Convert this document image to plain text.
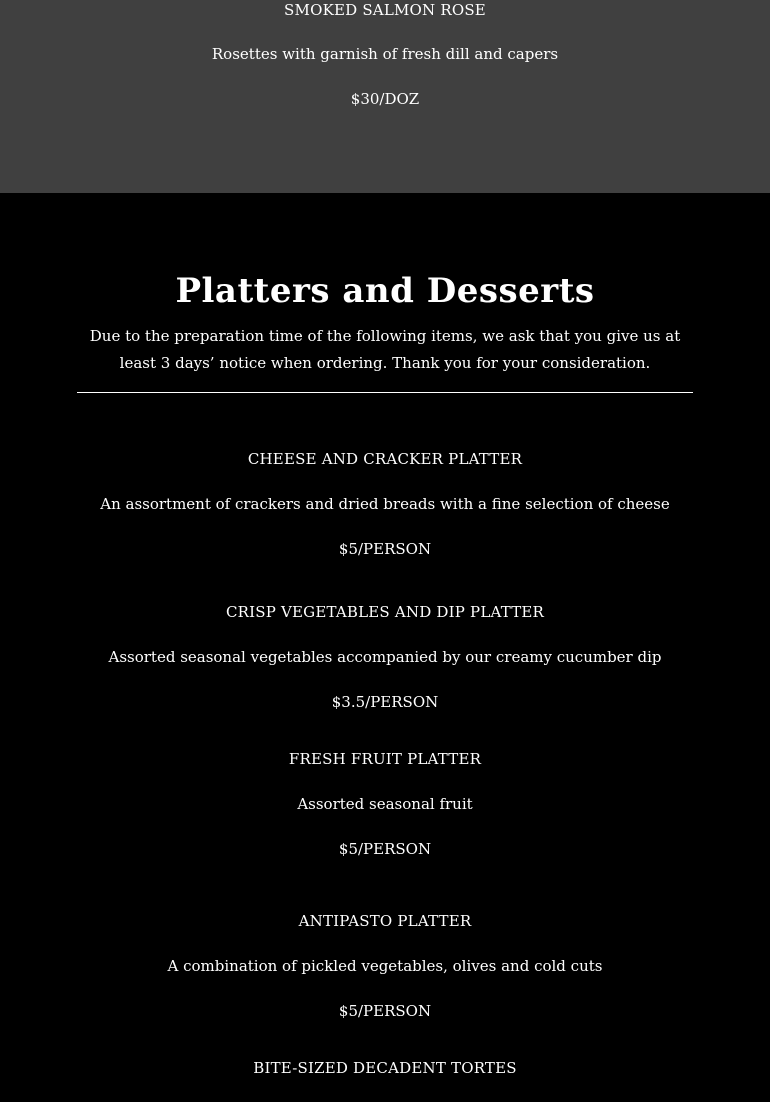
SMOKED SALMON ROSE
Rosettes with garnish of fresh dill and capers
$30/DOZ
Platters and Desserts
Due to the preparation time of the following items, we ask that you give us at least 3 days’ notice when ordering. Thank you for your consideration.
CHEESE AND CRACKER PLATTER
An assortment of crackers and dried breads with a fine selection of cheese
$5/PERSON
CRISP VEGETABLES AND DIP PLATTER
Assorted seasonal vegetables accompanied by our creamy cucumber dip
$3.5/PERSON
FRESH FRUIT PLATTER
Assorted seasonal fruit
$5/PERSON
ANTIPASTO PLATTER
A combination of pickled vegetables, olives and cold cuts
$5/PERSON
BITE-SIZED DECADENT TORTES
